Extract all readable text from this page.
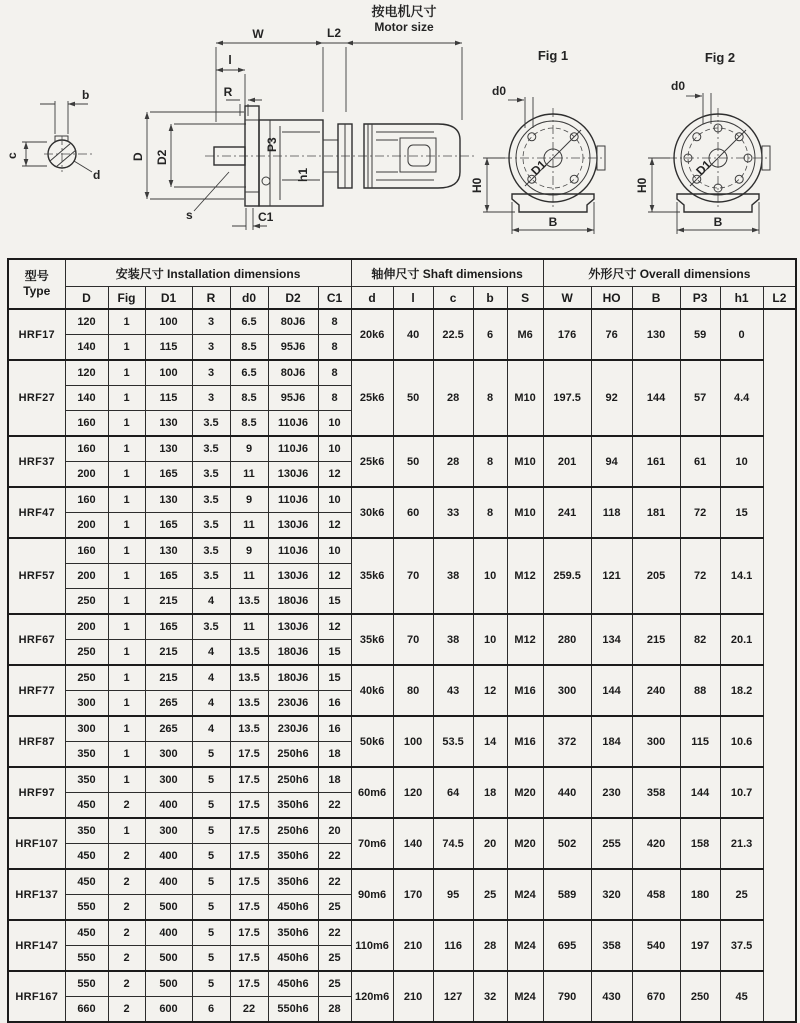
b
c
d
W	L2
按电机尺寸
Motor size
l
R
D D2
C1
s
P3
h1
Fig 1
D1
d0
H0
B
Fig 2
D1
d0
H0
B
型号
Type	安装尺寸 Installation dimensions							轴伸尺寸 Shaft dimensions					外形尺寸 Overall dimensions					
	D	Fig	D1	R	d0	D2	C1	d	l	c	b	S	W	HO	B	P3	h1	L2
HRF17	120	1	100	3	6.5	80J6	8	20k6	40	22.5	6	M6	176	76	130	59	0	
	140	1	115	3	8.5	95J6	8											
HRF27	120	1	100	3	6.5	80J6	8	25k6	50	28	8	M10	197.5	92	144	57	4.4	
	140	1	115	3	8.5	95J6	8											
	160	1	130	3.5	8.5	110J6	10											
HRF37	160	1	130	3.5	9	110J6	10	25k6	50	28	8	M10	201	94	161	61	10	
	200	1	165	3.5	11	130J6	12											
HRF47	160	1	130	3.5	9	110J6	10	30k6	60	33	8	M10	241	118	181	72	15	
	200	1	165	3.5	11	130J6	12											
HRF57	160	1	130	3.5	9	110J6	10	35k6	70	38	10	M12	259.5	121	205	72	14.1	
	200	1	165	3.5	11	130J6	12											
	250	1	215	4	13.5	180J6	15											
HRF67	200	1	165	3.5	11	130J6	12	35k6	70	38	10	M12	280	134	215	82	20.1	
	250	1	215	4	13.5	180J6	15											
HRF77	250	1	215	4	13.5	180J6	15	40k6	80	43	12	M16	300	144	240	88	18.2	
	300	1	265	4	13.5	230J6	16											
HRF87	300	1	265	4	13.5	230J6	16	50k6	100	53.5	14	M16	372	184	300	115	10.6	
	350	1	300	5	17.5	250h6	18											
HRF97	350	1	300	5	17.5	250h6	18	60m6	120	64	18	M20	440	230	358	144	10.7	
	450	2	400	5	17.5	350h6	22											
HRF107	350	1	300	5	17.5	250h6	20	70m6	140	74.5	20	M20	502	255	420	158	21.3	
	450	2	400	5	17.5	350h6	22											
HRF137	450	2	400	5	17.5	350h6	22	90m6	170	95	25	M24	589	320	458	180	25	
	550	2	500	5	17.5	450h6	25											
HRF147	450	2	400	5	17.5	350h6	22	110m6	210	116	28	M24	695	358	540	197	37.5	
	550	2	500	5	17.5	450h6	25											
HRF167	550	2	500	5	17.5	450h6	25	120m6	210	127	32	M24	790	430	670	250	45	
	660	2	600	6	22	550h6	28											
